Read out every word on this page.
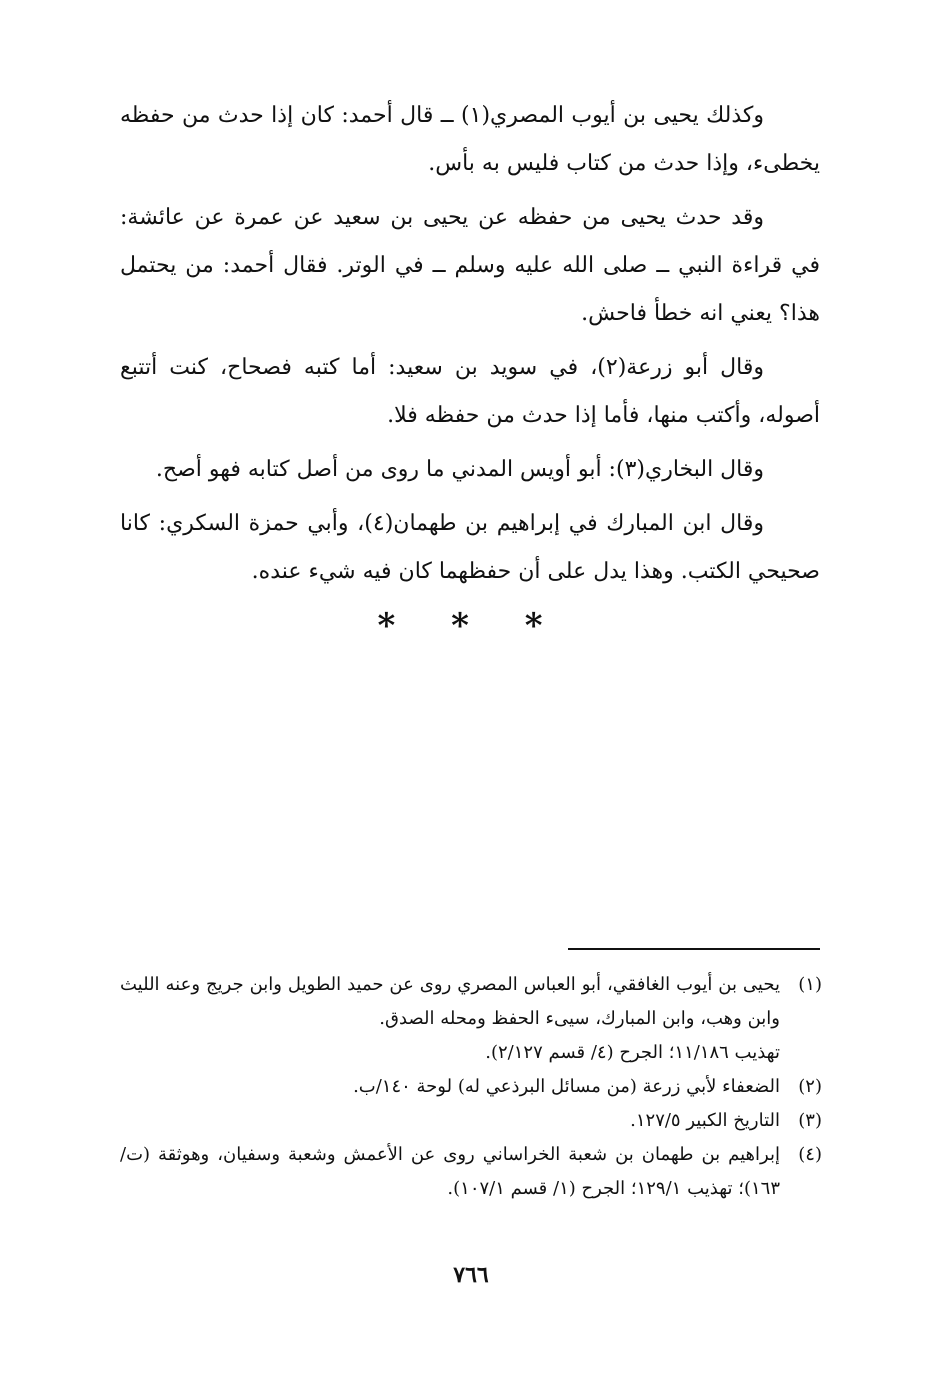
وكذلك يحيى بن أيوب المصري(١) ــ قال أحمد: كان إذا حدث من حفظه يخطىء، وإذا حدث من كتاب فليس به بأس.

وقد حدث يحيى من حفظه عن يحيى بن سعيد عن عمرة عن عائشة: في قراءة النبي ــ صلى الله عليه وسلم ــ في الوتر. فقال أحمد: من يحتمل هذا؟ يعني انه خطأ فاحش.

وقال أبو زرعة(٢)، في سويد بن سعيد: أما كتبه فصحاح، كنت أتتبع أصوله، وأكتب منها، فأما إذا حدث من حفظه فلا.

وقال البخاري(٣): أبو أويس المدني ما روى من أصل كتابه فهو أصح.

وقال ابن المبارك في إبراهيم بن طهمان(٤)، وأبي حمزة السكري: كانا صحيحي الكتب. وهذا يدل على أن حفظهما كان فيه شيء عنده.

* * *
(١)
يحيى بن أيوب الغافقي، أبو العباس المصري روى عن حميد الطويل وابن جريج وعنه الليث وابن وهب، وابن المبارك، سيىء الحفظ ومحله الصدق.
تهذيب ١١/١٨٦؛ الجرح (٤/ قسم ٢/١٢٧).
(٢)
الضعفاء لأبي زرعة (من مسائل البرذعي له) لوحة ١٤٠/ب.
(٣)
التاريخ الكبير ١٢٧/٥.
(٤)
إبراهيم بن طهمان بن شعبة الخراساني روى عن الأعمش وشعبة وسفيان، وهوثقة (ت/١٦٣)؛ تهذيب ١٢٩/١؛ الجرح (١/ قسم ١٠٧/١).
٧٦٦
